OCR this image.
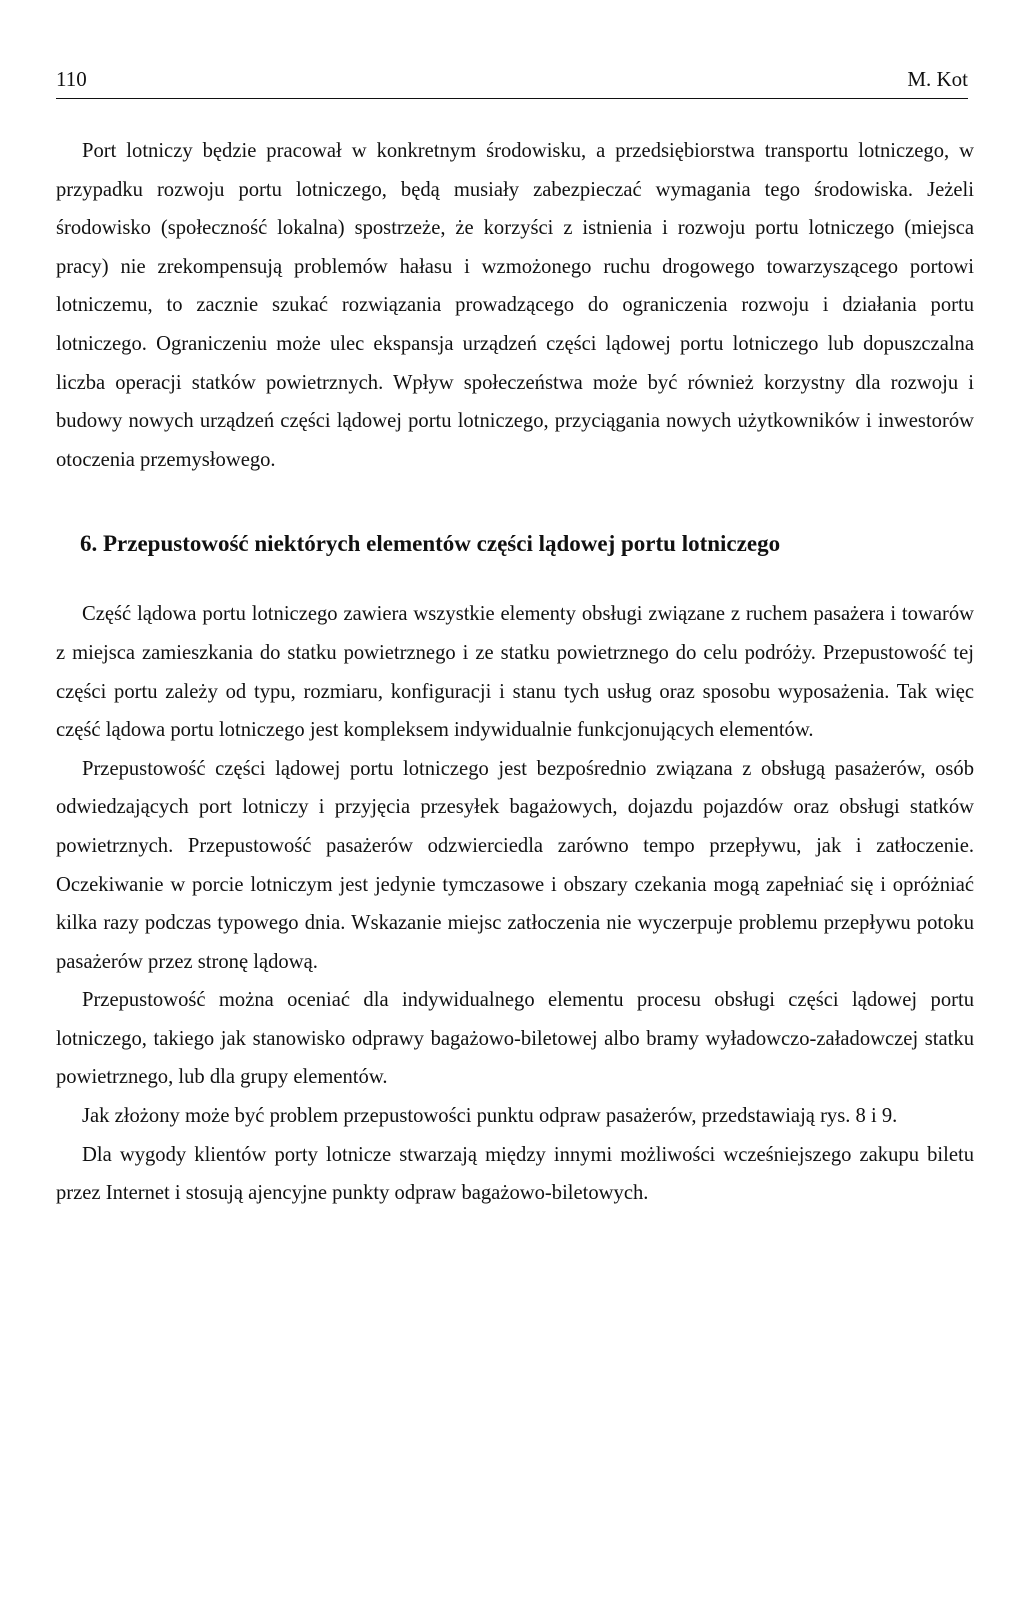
110	M. Kot

Port lotniczy będzie pracował w konkretnym środowisku, a przedsiębiorstwa transportu lotniczego, w przypadku rozwoju portu lotniczego, będą musiały zabezpieczać wymagania tego środowiska. Jeżeli środowisko (społeczność lokalna) spostrzeże, że korzyści z istnienia i rozwoju portu lotniczego (miejsca pracy) nie zrekompensują problemów hałasu i wzmożonego ruchu drogowego towarzyszącego portowi lotniczemu, to zacznie szukać rozwiązania prowadzącego do ograniczenia rozwoju i działania portu lotniczego. Ograniczeniu może ulec ekspansja urządzeń części lądowej portu lotniczego lub dopuszczalna liczba operacji statków powietrznych. Wpływ społeczeństwa może być również korzystny dla rozwoju i budowy nowych urządzeń części lądowej portu lotniczego, przyciągania nowych użytkowników i inwestorów otoczenia przemysłowego.

6. Przepustowość niektórych elementów części lądowej portu lotniczego

Część lądowa portu lotniczego zawiera wszystkie elementy obsługi związane z ruchem pasażera i towarów z miejsca zamieszkania do statku powietrznego i ze statku powietrznego do celu podróży. Przepustowość tej części portu zależy od typu, rozmiaru, konfiguracji i stanu tych usług oraz sposobu wyposażenia. Tak więc część lądowa portu lotniczego jest kompleksem indywidualnie funkcjonujących elementów.

Przepustowość części lądowej portu lotniczego jest bezpośrednio związana z obsługą pasażerów, osób odwiedzających port lotniczy i przyjęcia przesyłek bagażowych, dojazdu pojazdów oraz obsługi statków powietrznych. Przepustowość pasażerów odzwierciedla zarówno tempo przepływu, jak i zatłoczenie. Oczekiwanie w porcie lotniczym jest jedynie tymczasowe i obszary czekania mogą zapełniać się i opróżniać kilka razy podczas typowego dnia. Wskazanie miejsc zatłoczenia nie wyczerpuje problemu przepływu potoku pasażerów przez stronę lądową.

Przepustowość można oceniać dla indywidualnego elementu procesu obsługi części lądowej portu lotniczego, takiego jak stanowisko odprawy bagażowo-biletowej albo bramy wyładowczo-załadowczej statku powietrznego, lub dla grupy elementów.

Jak złożony może być problem przepustowości punktu odpraw pasażerów, przedstawiają rys. 8 i 9.

Dla wygody klientów porty lotnicze stwarzają między innymi możliwości wcześniejszego zakupu biletu przez Internet i stosują ajencyjne punkty odpraw bagażowo-biletowych.
